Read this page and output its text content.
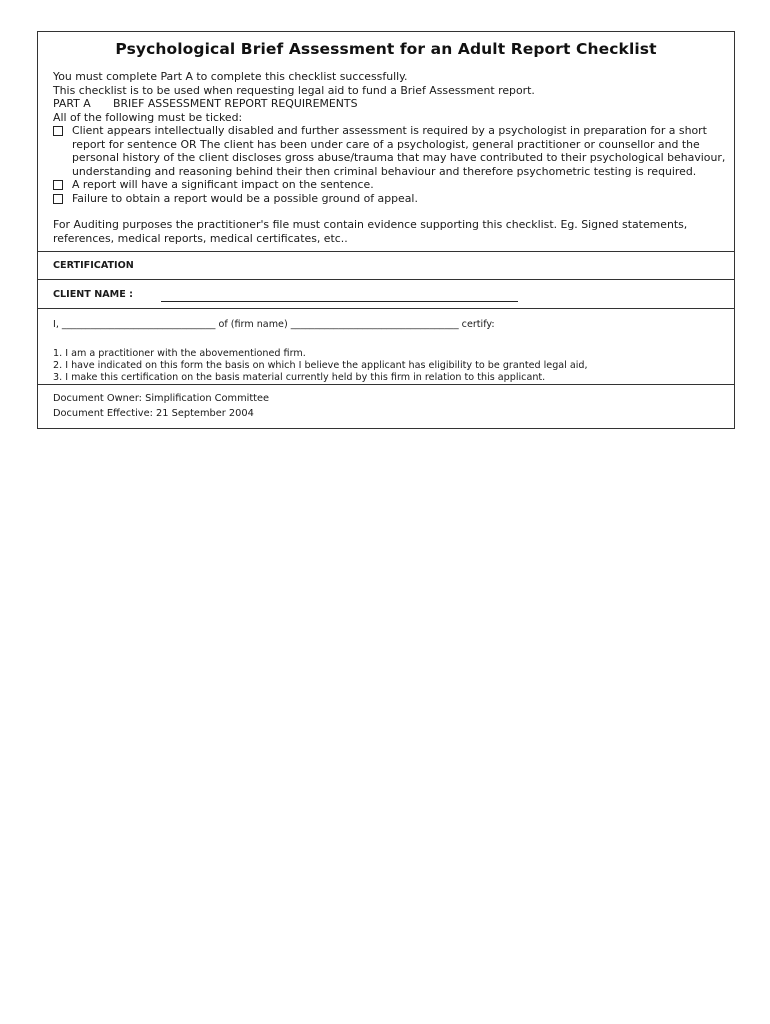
Psychological Brief Assessment for an Adult Report Checklist

You must complete Part A to complete this checklist successfully.

This checklist is to be used when requesting legal aid to fund a Brief Assessment report.

PART A BRIEF ASSESSMENT REPORT REQUIREMENTS

All of the following must be ticked:

Client appears intellectually disabled and further assessment is required by a psychologist in preparation for a short report for sentence OR The client has been under care of a psychologist, general practitioner or counsellor and the personal history of the client discloses gross abuse/trauma that may have contributed to their psychological behaviour, understanding and reasoning behind their then criminal behaviour and therefore psychometric testing is required.
A report will have a significant impact on the sentence.
Failure to obtain a report would be a possible ground of appeal.

For Auditing purposes the practitioner's file must contain evidence supporting this checklist. Eg. Signed statements, references, medical reports, medical certificates, etc..

CERTIFICATION
CLIENT NAME :

I, ________________________________ of (firm name) ___________________________________ certify:

1. I am a practitioner with the abovementioned firm.

2. I have indicated on this form the basis on which I believe the applicant has eligibility to be granted legal aid,

3. I make this certification on the basis material currently held by this firm in relation to this applicant.

Document Owner: Simplification Committee

Document Effective: 21 September 2004
